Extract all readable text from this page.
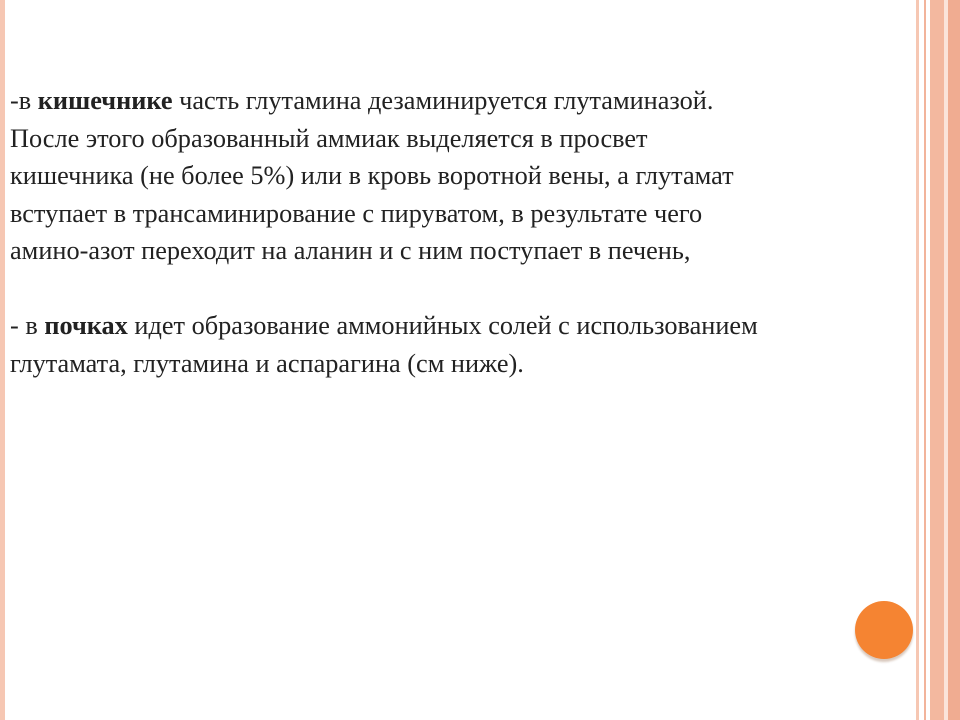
-в кишечнике часть глутамина дезаминируется глутаминазой.
После этого образованный аммиак выделяется в просвет
кишечника (не более 5%) или в кровь воротной вены, а глутамат
вступает в трансаминирование с пируватом, в результате чего
амино-азот переходит на аланин и с ним поступает в печень,

- в почках идет образование аммонийных солей с использованием
глутамата, глутамина и аспарагина (см ниже).
